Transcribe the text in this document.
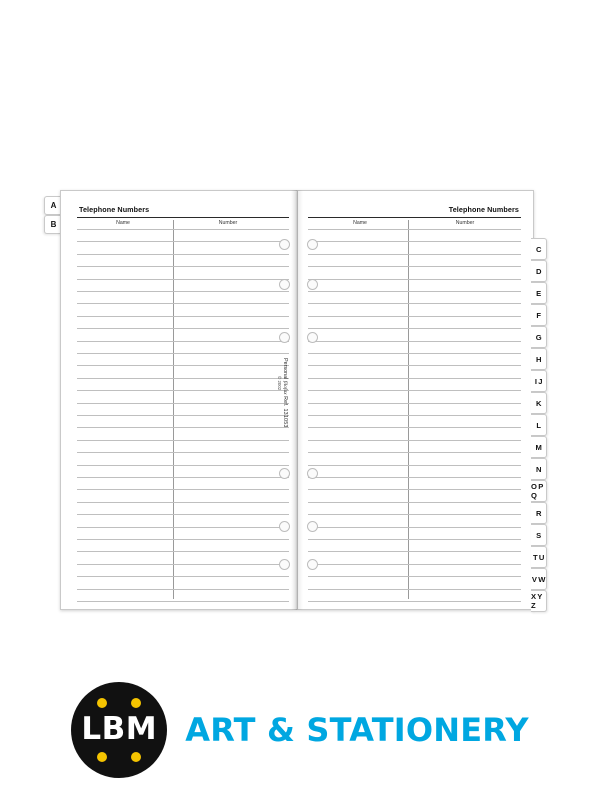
A
B
Telephone Numbers
Name	Number
Telephone Numbers
Name	Number
Personal filofax Ref. 131053
© 2002
C
D
E
F
G
H
I J
K
L
M
N
O P Q
R
S
T U
V W
X Y Z
LBM ART & STATIONERY
